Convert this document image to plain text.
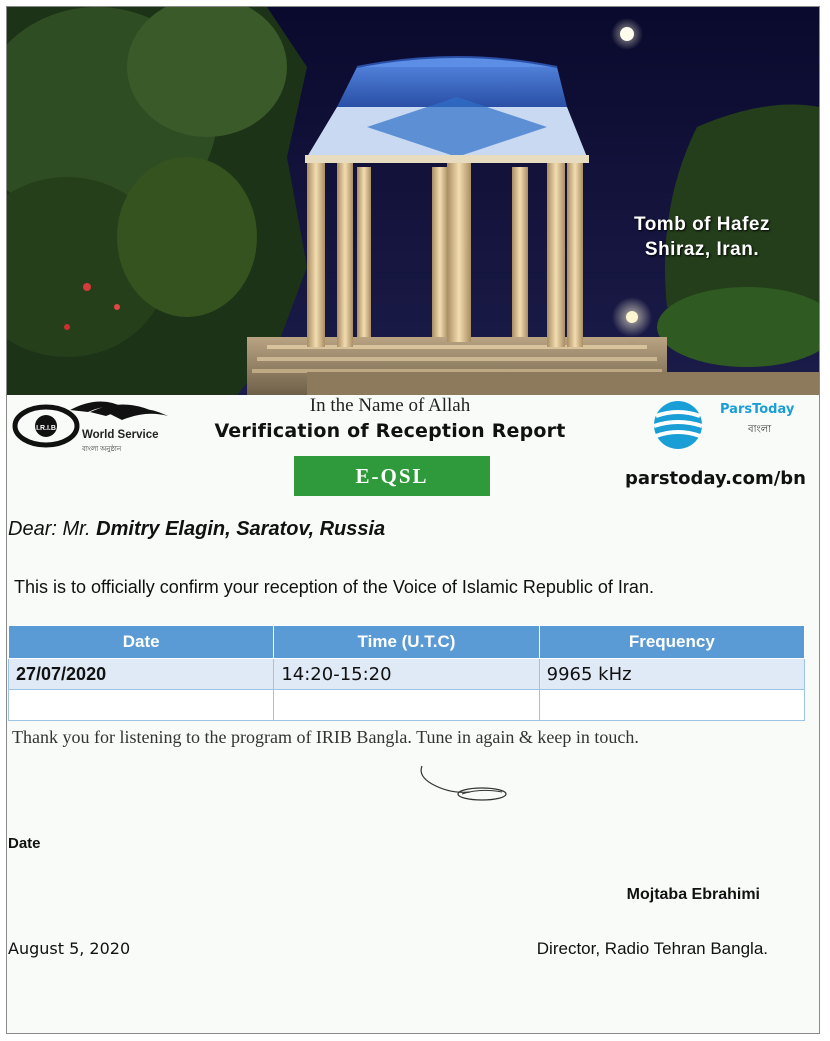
Tomb of Hafez
Shiraz, Iran.
I.R.I.B
World Service
বাংলা অনুষ্ঠান
In the Name of Allah
Verification of Reception Report
E-QSL
ParsToday
বাংলা
parstoday.com/bn
Dear: Mr. Dmitry Elagin, Saratov, Russia
This is to officially confirm your reception of the Voice of Islamic Republic of Iran.
Date	Time (U.T.C)	Frequency
27/07/2020	14:20-15:20	9965 kHz

Thank you for listening to the program of IRIB Bangla. Tune in again & keep in touch.
Date
Mojtaba Ebrahimi
August 5, 2020	Director, Radio Tehran Bangla.
